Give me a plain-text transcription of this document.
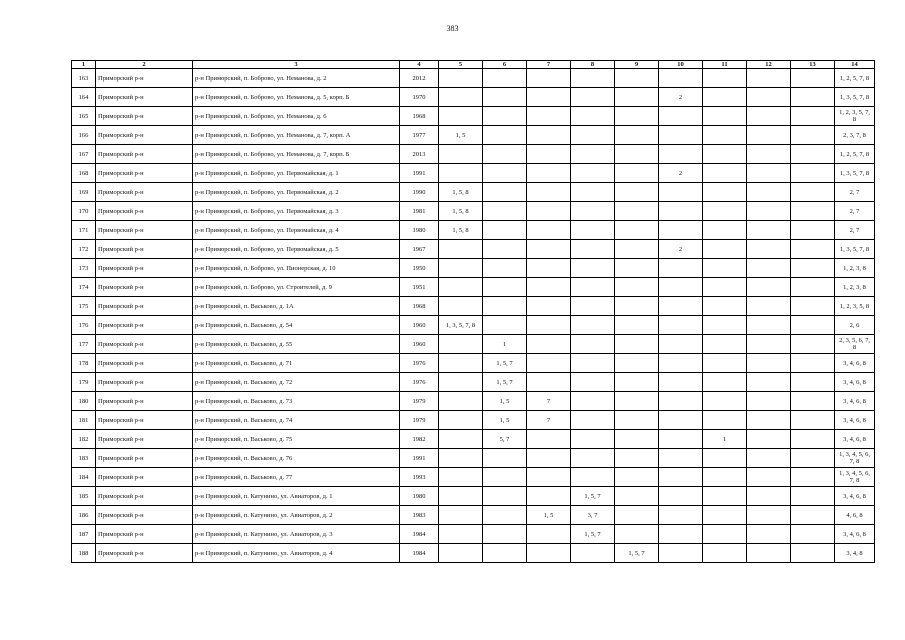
383
1	2	3	4	5	6	7	8	9	10	11	12	13	14
163	Приморский р-н	р-н Приморский, п. Боброво, ул. Неманова, д. 2	2012										1, 2, 5, 7, 8
164	Приморский р-н	р-н Приморский, п. Боброво, ул. Неманова, д. 5, корп. Б	1970						2				1, 3, 5, 7, 8
165	Приморский р-н	р-н Приморский, п. Боброво, ул. Неманова, д. 6	1968										1, 2, 3, 5, 7, 8
166	Приморский р-н	р-н Приморский, п. Боброво, ул. Неманова, д. 7, корп. А	1977	1, 5									2, 3, 7, 8
167	Приморский р-н	р-н Приморский, п. Боброво, ул. Неманова, д. 7, корп. Б	2013										1, 2, 5, 7, 8
168	Приморский р-н	р-н Приморский, п. Боброво, ул. Первомайская, д. 1	1991						2				1, 3, 5, 7, 8
169	Приморский р-н	р-н Приморский, п. Боброво, ул. Первомайская, д. 2	1990	1, 5, 8									2, 7
170	Приморский р-н	р-н Приморский, п. Боброво, ул. Первомайская, д. 3	1981	1, 5, 8									2, 7
171	Приморский р-н	р-н Приморский, п. Боброво, ул. Первомайская, д. 4	1980	1, 5, 8									2, 7
172	Приморский р-н	р-н Приморский, п. Боброво, ул. Первомайская, д. 5	1967						2				1, 3, 5, 7, 8
173	Приморский р-н	р-н Приморский, п. Боброво, ул. Пионерская, д. 10	1950										1, 2, 3, 8
174	Приморский р-н	р-н Приморский, п. Боброво, ул. Строителей, д. 9	1951										1, 2, 3, 8
175	Приморский р-н	р-н Приморский, п. Васьково, д. 1А	1968										1, 2, 3, 5, 8
176	Приморский р-н	р-н Приморский, п. Васьково, д. 54	1960	1, 3, 5, 7, 8									2, 6
177	Приморский р-н	р-н Приморский, п. Васьково, д. 55	1960		1								2, 3, 5, 6, 7, 8
178	Приморский р-н	р-н Приморский, п. Васьково, д. 71	1976		1, 5, 7								3, 4, 6, 8
179	Приморский р-н	р-н Приморский, п. Васьково, д. 72	1976		1, 5, 7								3, 4, 6, 8
180	Приморский р-н	р-н Приморский, п. Васьково, д. 73	1979		1, 5	7							3, 4, 6, 8
181	Приморский р-н	р-н Приморский, п. Васьково, д. 74	1979		1, 5	7							3, 4, 6, 8
182	Приморский р-н	р-н Приморский, п. Васьково, д. 75	1982		5, 7					1			3, 4, 6, 8
183	Приморский р-н	р-н Приморский, п. Васьково, д. 76	1991										1, 3, 4, 5, 6, 7, 8
184	Приморский р-н	р-н Приморский, п. Васьково, д. 77	1993										1, 3, 4, 5, 6, 7, 8
185	Приморский р-н	р-н Приморский, п. Катунино, ул. Авиаторов, д. 1	1980				1, 5, 7						3, 4, 6, 8
186	Приморский р-н	р-н Приморский, п. Катунино, ул. Авиаторов, д. 2	1983			1, 5	3, 7						4, 6, 8
187	Приморский р-н	р-н Приморский, п. Катунино, ул. Авиаторов, д. 3	1984				1, 5, 7						3, 4, 6, 8
188	Приморский р-н	р-н Приморский, п. Катунино, ул. Авиаторов, д. 4	1984					1, 5, 7					3, 4, 8
